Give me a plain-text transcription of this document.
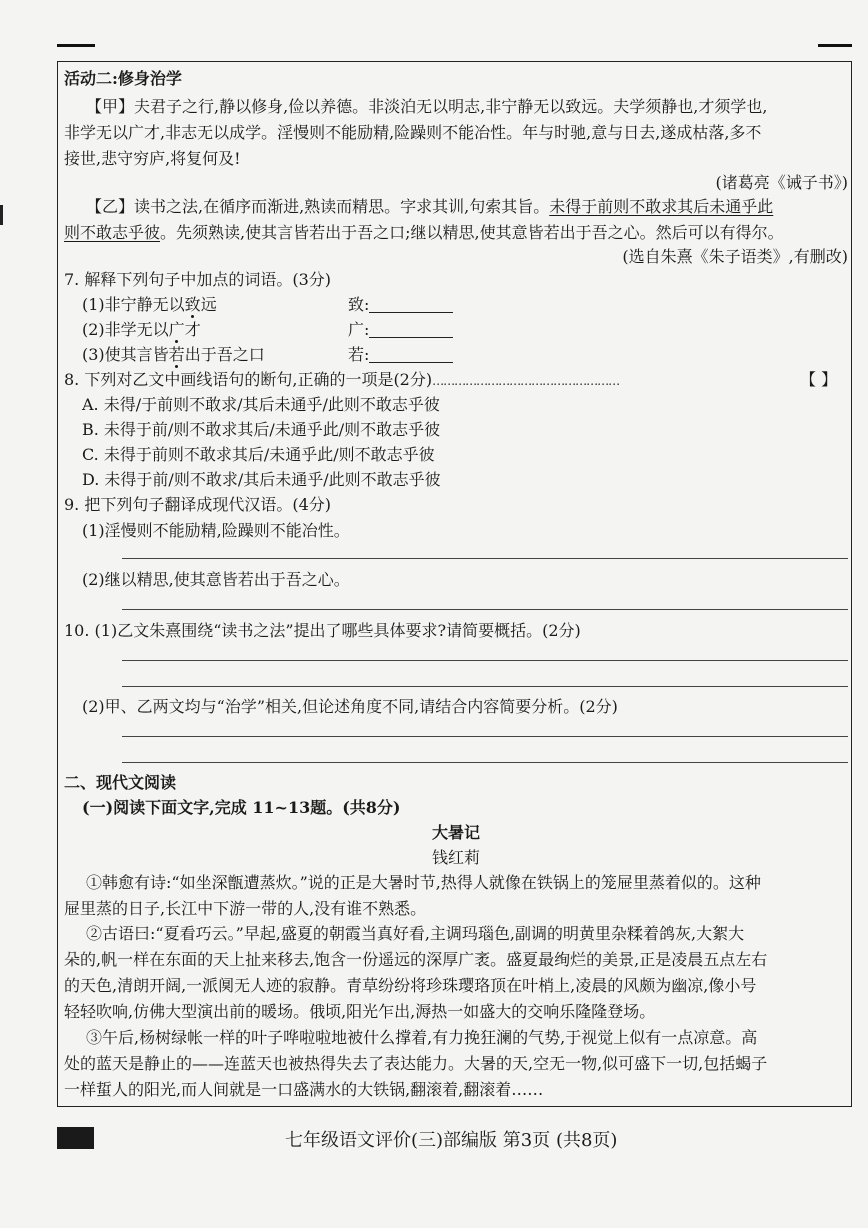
活动二:修身治学
【甲】夫君子之行,静以修身,俭以养德。非淡泊无以明志,非宁静无以致远。夫学须静也,才须学也,
非学无以广才,非志无以成学。淫慢则不能励精,险躁则不能冶性。年与时驰,意与日去,遂成枯落,多不
接世,悲守穷庐,将复何及!
(诸葛亮《诫子书》)
【乙】读书之法,在循序而渐进,熟读而精思。字求其训,句索其旨。未得于前则不敢求其后未通乎此
则不敢志乎彼。先须熟读,使其言皆若出于吾之口;继以精思,使其意皆若出于吾之心。然后可以有得尔。
(选自朱熹《朱子语类》,有删改)
7. 解释下列句子中加点的词语。(3分)
(1)非宁静无以致远	致:
(2)非学无以广才	广:
(3)使其言皆若出于吾之口	若:
8. 下列对乙文中画线语句的断句,正确的一项是(2分)……………………………………………	【 】
A. 未得/于前则不敢求/其后未通乎/此则不敢志乎彼
B. 未得于前/则不敢求其后/未通乎此/则不敢志乎彼
C. 未得于前则不敢求其后/未通乎此/则不敢志乎彼
D. 未得于前/则不敢求/其后未通乎/此则不敢志乎彼
9. 把下列句子翻译成现代汉语。(4分)
(1)淫慢则不能励精,险躁则不能冶性。
(2)继以精思,使其意皆若出于吾之心。
10. (1)乙文朱熹围绕“读书之法”提出了哪些具体要求?请简要概括。(2分)
(2)甲、乙两文均与“治学”相关,但论述角度不同,请结合内容简要分析。(2分)
二、现代文阅读
(一)阅读下面文字,完成 11~13题。(共8分)
大暑记
钱红莉
①韩愈有诗:“如坐深甑遭蒸炊。”说的正是大暑时节,热得人就像在铁锅上的笼屉里蒸着似的。这种
屉里蒸的日子,长江中下游一带的人,没有谁不熟悉。
②古语曰:“夏看巧云。”早起,盛夏的朝霞当真好看,主调玛瑙色,副调的明黄里杂糅着鸽灰,大絮大
朵的,帆一样在东面的天上扯来移去,饱含一份遥远的深厚广袤。盛夏最绚烂的美景,正是凌晨五点左右
的天色,清朗开阔,一派阒无人迹的寂静。青草纷纷将珍珠璎珞顶在叶梢上,凌晨的风颇为幽凉,像小号
轻轻吹响,仿佛大型演出前的暖场。俄顷,阳光乍出,溽热一如盛大的交响乐隆隆登场。
③午后,杨树绿帐一样的叶子哗啦啦地被什么撑着,有力挽狂澜的气势,于视觉上似有一点凉意。高
处的蓝天是静止的——连蓝天也被热得失去了表达能力。大暑的天,空无一物,似可盛下一切,包括蝎子
一样蜇人的阳光,而人间就是一口盛满水的大铁锅,翻滚着,翻滚着……
七年级语文评价(三)部编版 第3页 (共8页)
